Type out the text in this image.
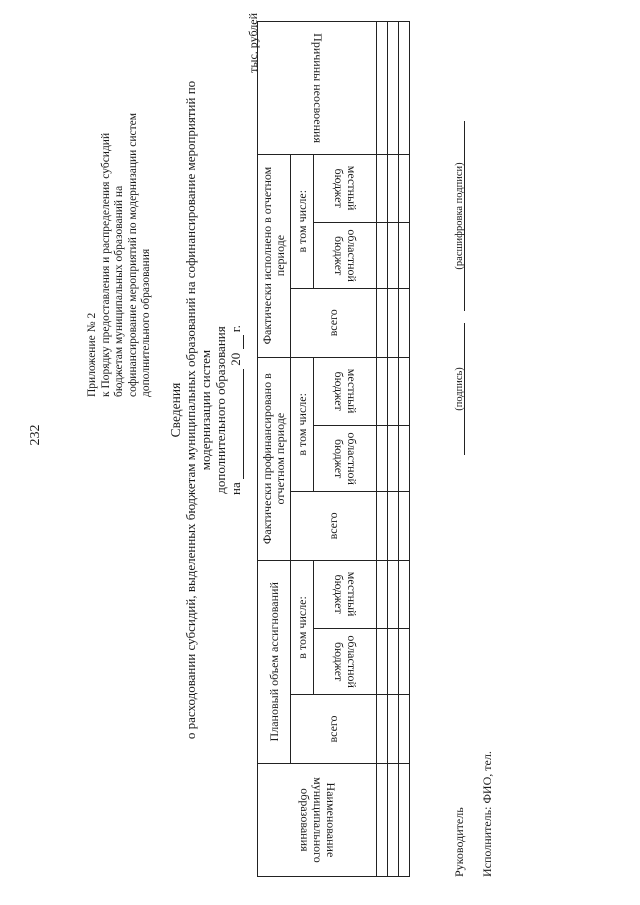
232
Приложение № 2 к Порядку предоставления и распределения субсидий бюджетам муниципальных образований на софинансирование мероприятий по модернизации систем дополнительного образования
Сведения о расходовании субсидий, выделенных бюджетам муниципальных образований на софинансирование мероприятий по модернизации систем дополнительного образования на   20   г.
тыс. рублей
Наименование муниципального образования	Плановый объем ассигнований			Фактически профинансировано в отчетном периоде			Фактически исполнено в отчетном периоде			Причины неосвоения
	всего	в том числе:		всего	в том числе:		всего	в том числе:		
		областной бюджет	местный бюджет		областной бюджет	местный бюджет		областной бюджет	местный бюджет	

Руководитель Исполнитель: ФИО, тел.
(подпись)
(расшифровка подписи)
